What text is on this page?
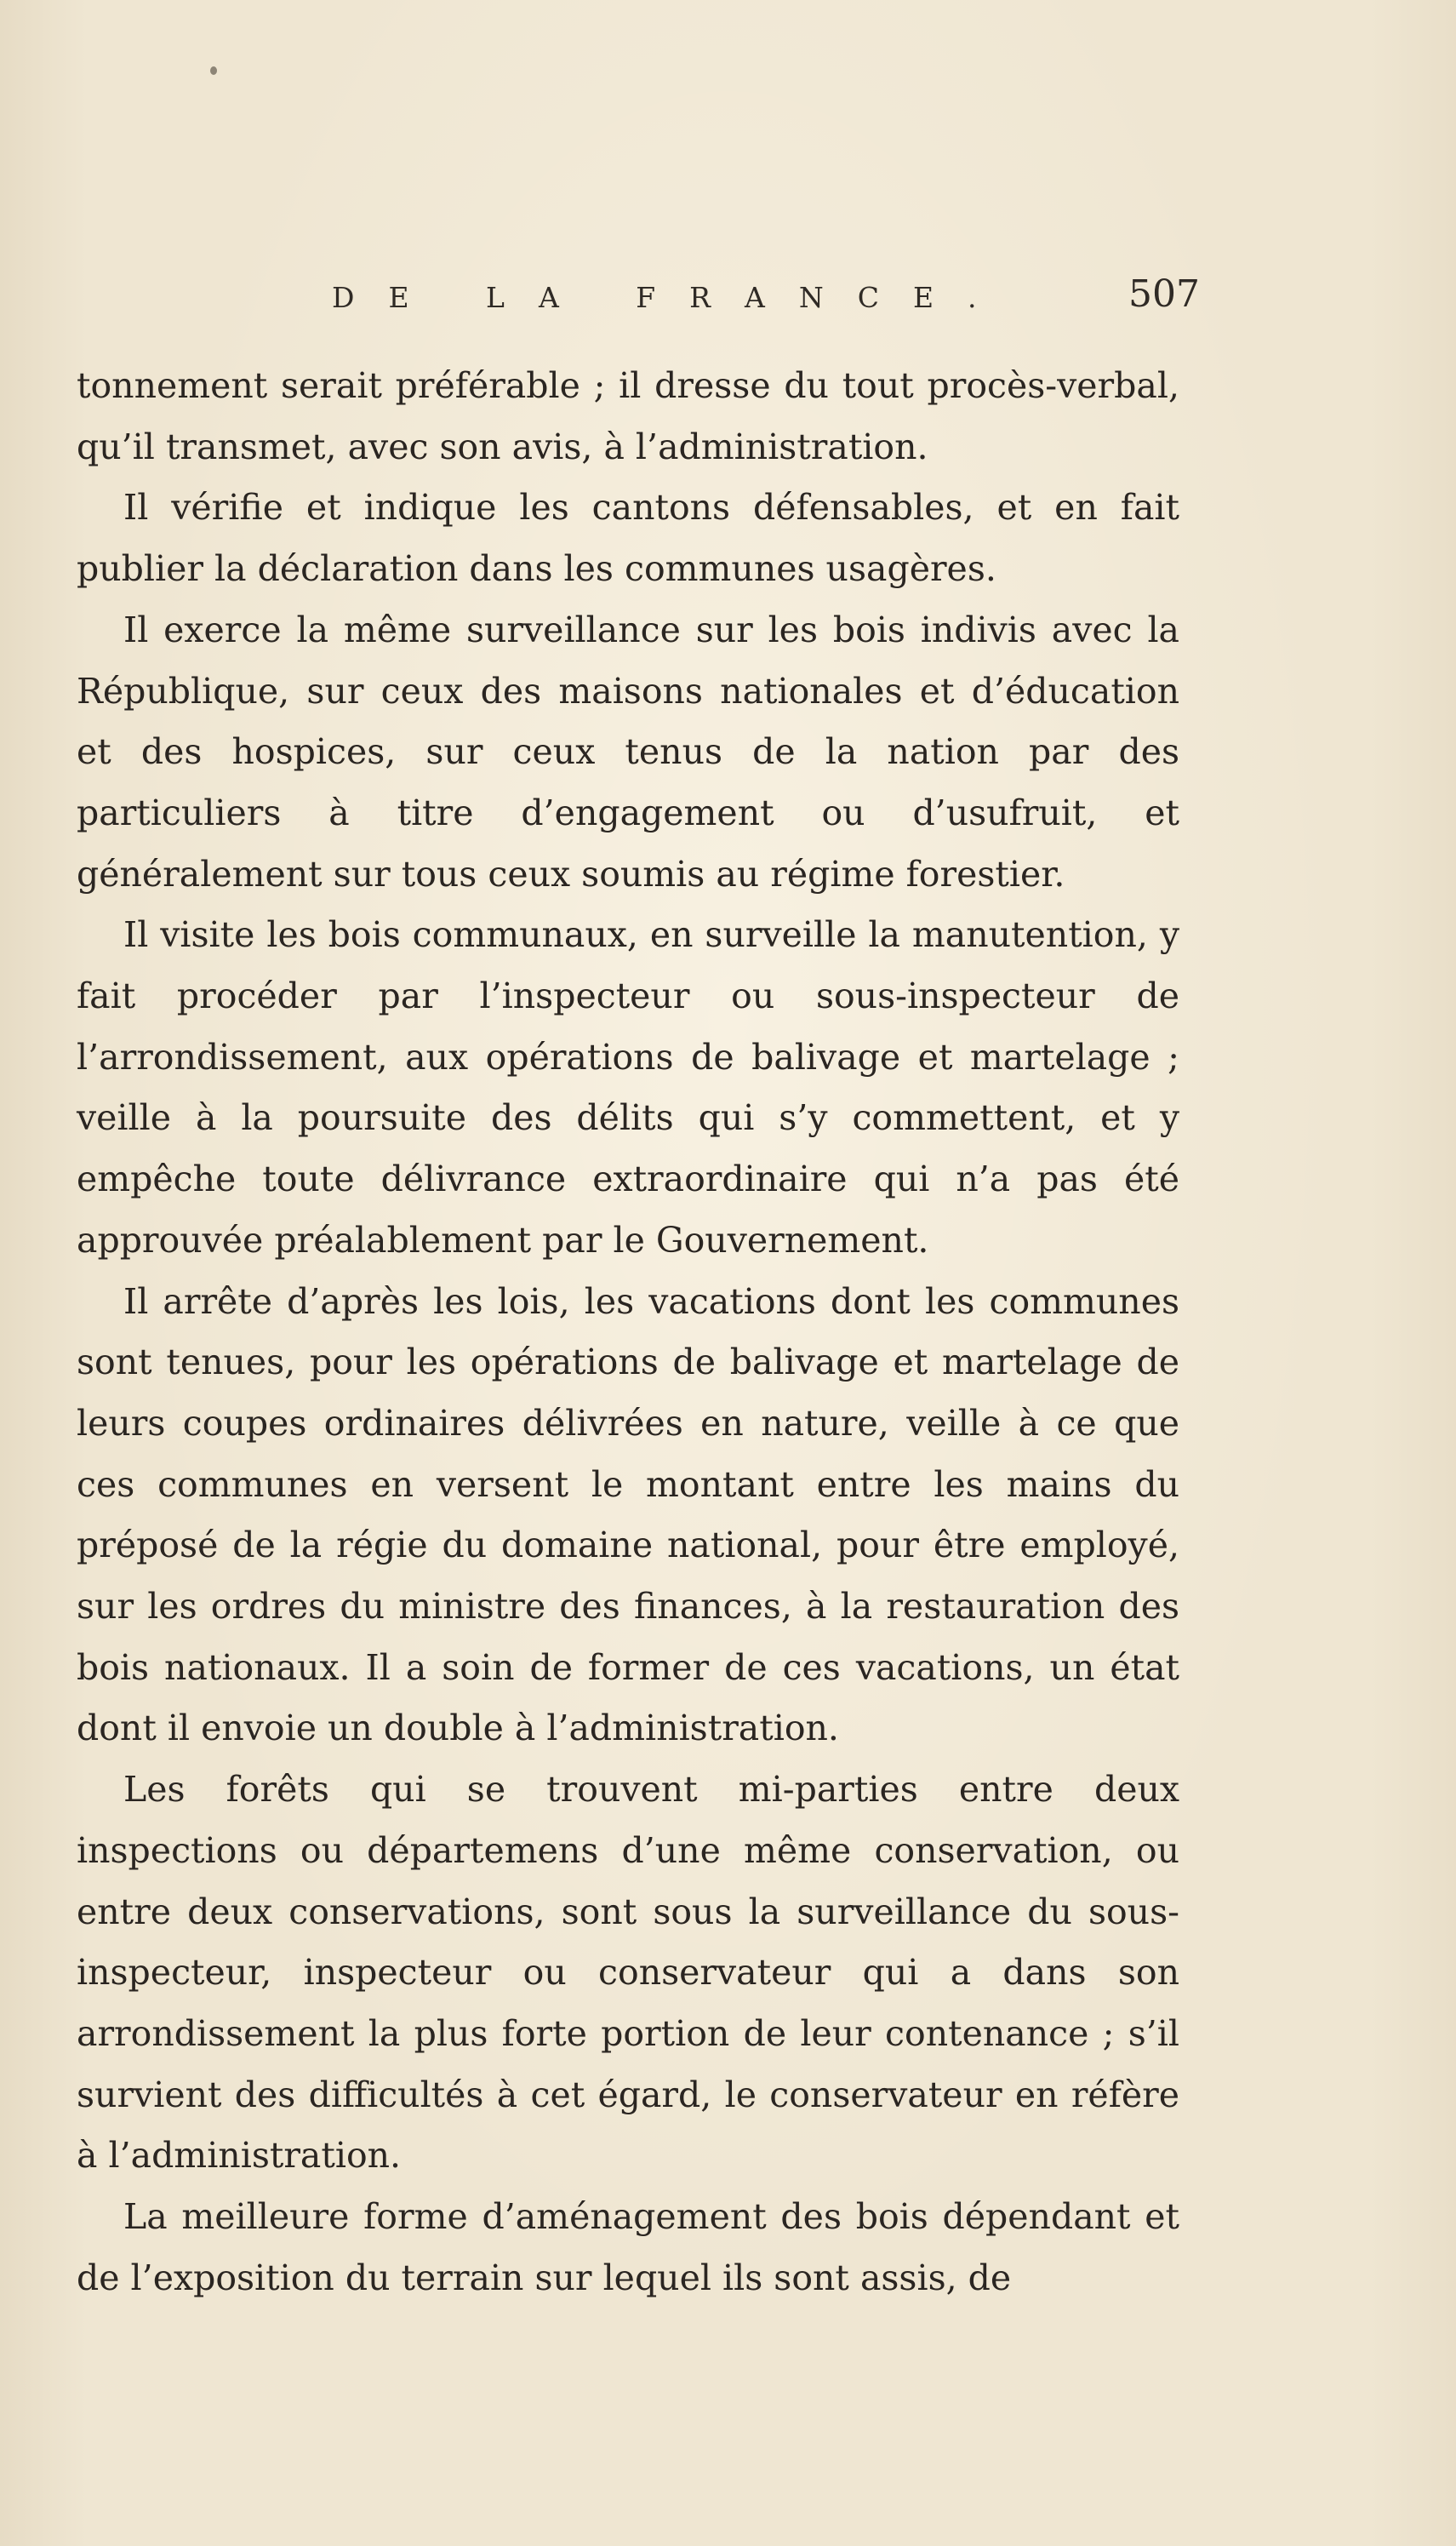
DE LA FRANCE.	507

tonnement serait préférable ; il dresse du tout procès-verbal, qu’il transmet, avec son avis, à l’administration.

Il vérifie et indique les cantons défensables, et en fait publier la déclaration dans les communes usagères.

Il exerce la même surveillance sur les bois indivis avec la République, sur ceux des maisons nationales et d’éducation et des hospices, sur ceux tenus de la nation par des particuliers à titre d’engagement ou d’usufruit, et généralement sur tous ceux soumis au régime forestier.

Il visite les bois communaux, en surveille la manutention, y fait procéder par l’inspecteur ou sous-inspecteur de l’arrondissement, aux opérations de balivage et martelage ; veille à la poursuite des délits qui s’y commettent, et y empêche toute délivrance extraordinaire qui n’a pas été approuvée préalablement par le Gouvernement.

Il arrête d’après les lois, les vacations dont les communes sont tenues, pour les opérations de balivage et martelage de leurs coupes ordinaires délivrées en nature, veille à ce que ces communes en versent le montant entre les mains du préposé de la régie du domaine national, pour être employé, sur les ordres du ministre des finances, à la restauration des bois nationaux. Il a soin de former de ces vacations, un état dont il envoie un double à l’administration.

Les forêts qui se trouvent mi-parties entre deux inspections ou départemens d’une même conservation, ou entre deux conservations, sont sous la surveillance du sous-inspecteur, inspecteur ou conservateur qui a dans son arrondissement la plus forte portion de leur contenance ; s’il survient des difficultés à cet égard, le conservateur en réfère à l’administration.

La meilleure forme d’aménagement des bois dépendant et de l’exposition du terrain sur lequel ils sont assis, de
